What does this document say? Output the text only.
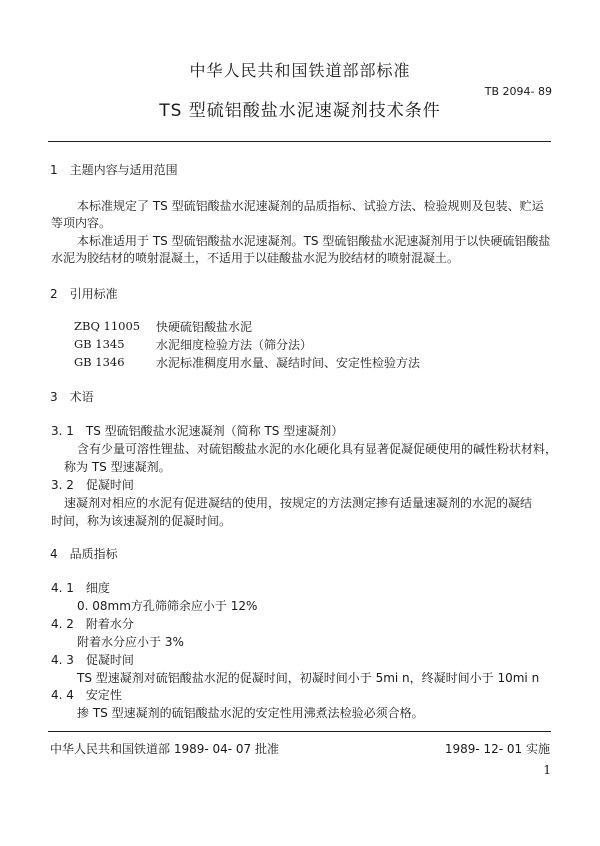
中华人民共和国铁道部部标准
TB 2094- 89
TS 型硫铝酸盐水泥速凝剂技术条件
1　主题内容与适用范围
本标准规定了 TS 型硫铝酸盐水泥速凝剂的品质指标、试验方法、检验规则及包装、贮运
等项内容。
本标准适用于 TS 型硫铝酸盐水泥速凝剂。TS 型硫铝酸盐水泥速凝剂用于以快硬硫铝酸盐
水泥为胶结材的喷射混凝土，不适用于以硅酸盐水泥为胶结材的喷射混凝土。
2　引用标准
ZBQ 11005 快硬硫铝酸盐水泥
GB 1345	水泥细度检验方法（筛分法）
GB 1346	水泥标准稠度用水量、凝结时间、安定性检验方法
3　术语
3. 1　TS 型硫铝酸盐水泥速凝剂（简称 TS 型速凝剂）
含有少量可溶性锂盐、对硫铝酸盐水泥的水化硬化具有显著促凝促硬使用的碱性粉状材料，
称为 TS 型速凝剂。
3. 2　促凝时间
速凝剂对相应的水泥有促进凝结的使用，按规定的方法测定掺有适量速凝剂的水泥的凝结
时间，称为该速凝剂的促凝时间。
4　品质指标
4. 1　细度
0. 08mm方孔筛筛余应小于 12%
4. 2　附着水分
附着水分应小于 3%
4. 3　促凝时间
TS 型速凝剂对硫铝酸盐水泥的促凝时间，初凝时间小于 5mi n，终凝时间小于 10mi n
4. 4　安定性
掺 TS 型速凝剂的硫铝酸盐水泥的安定性用沸煮法检验必须合格。
中华人民共和国铁道部 1989- 04- 07 批准	1989- 12- 01 实施
1
